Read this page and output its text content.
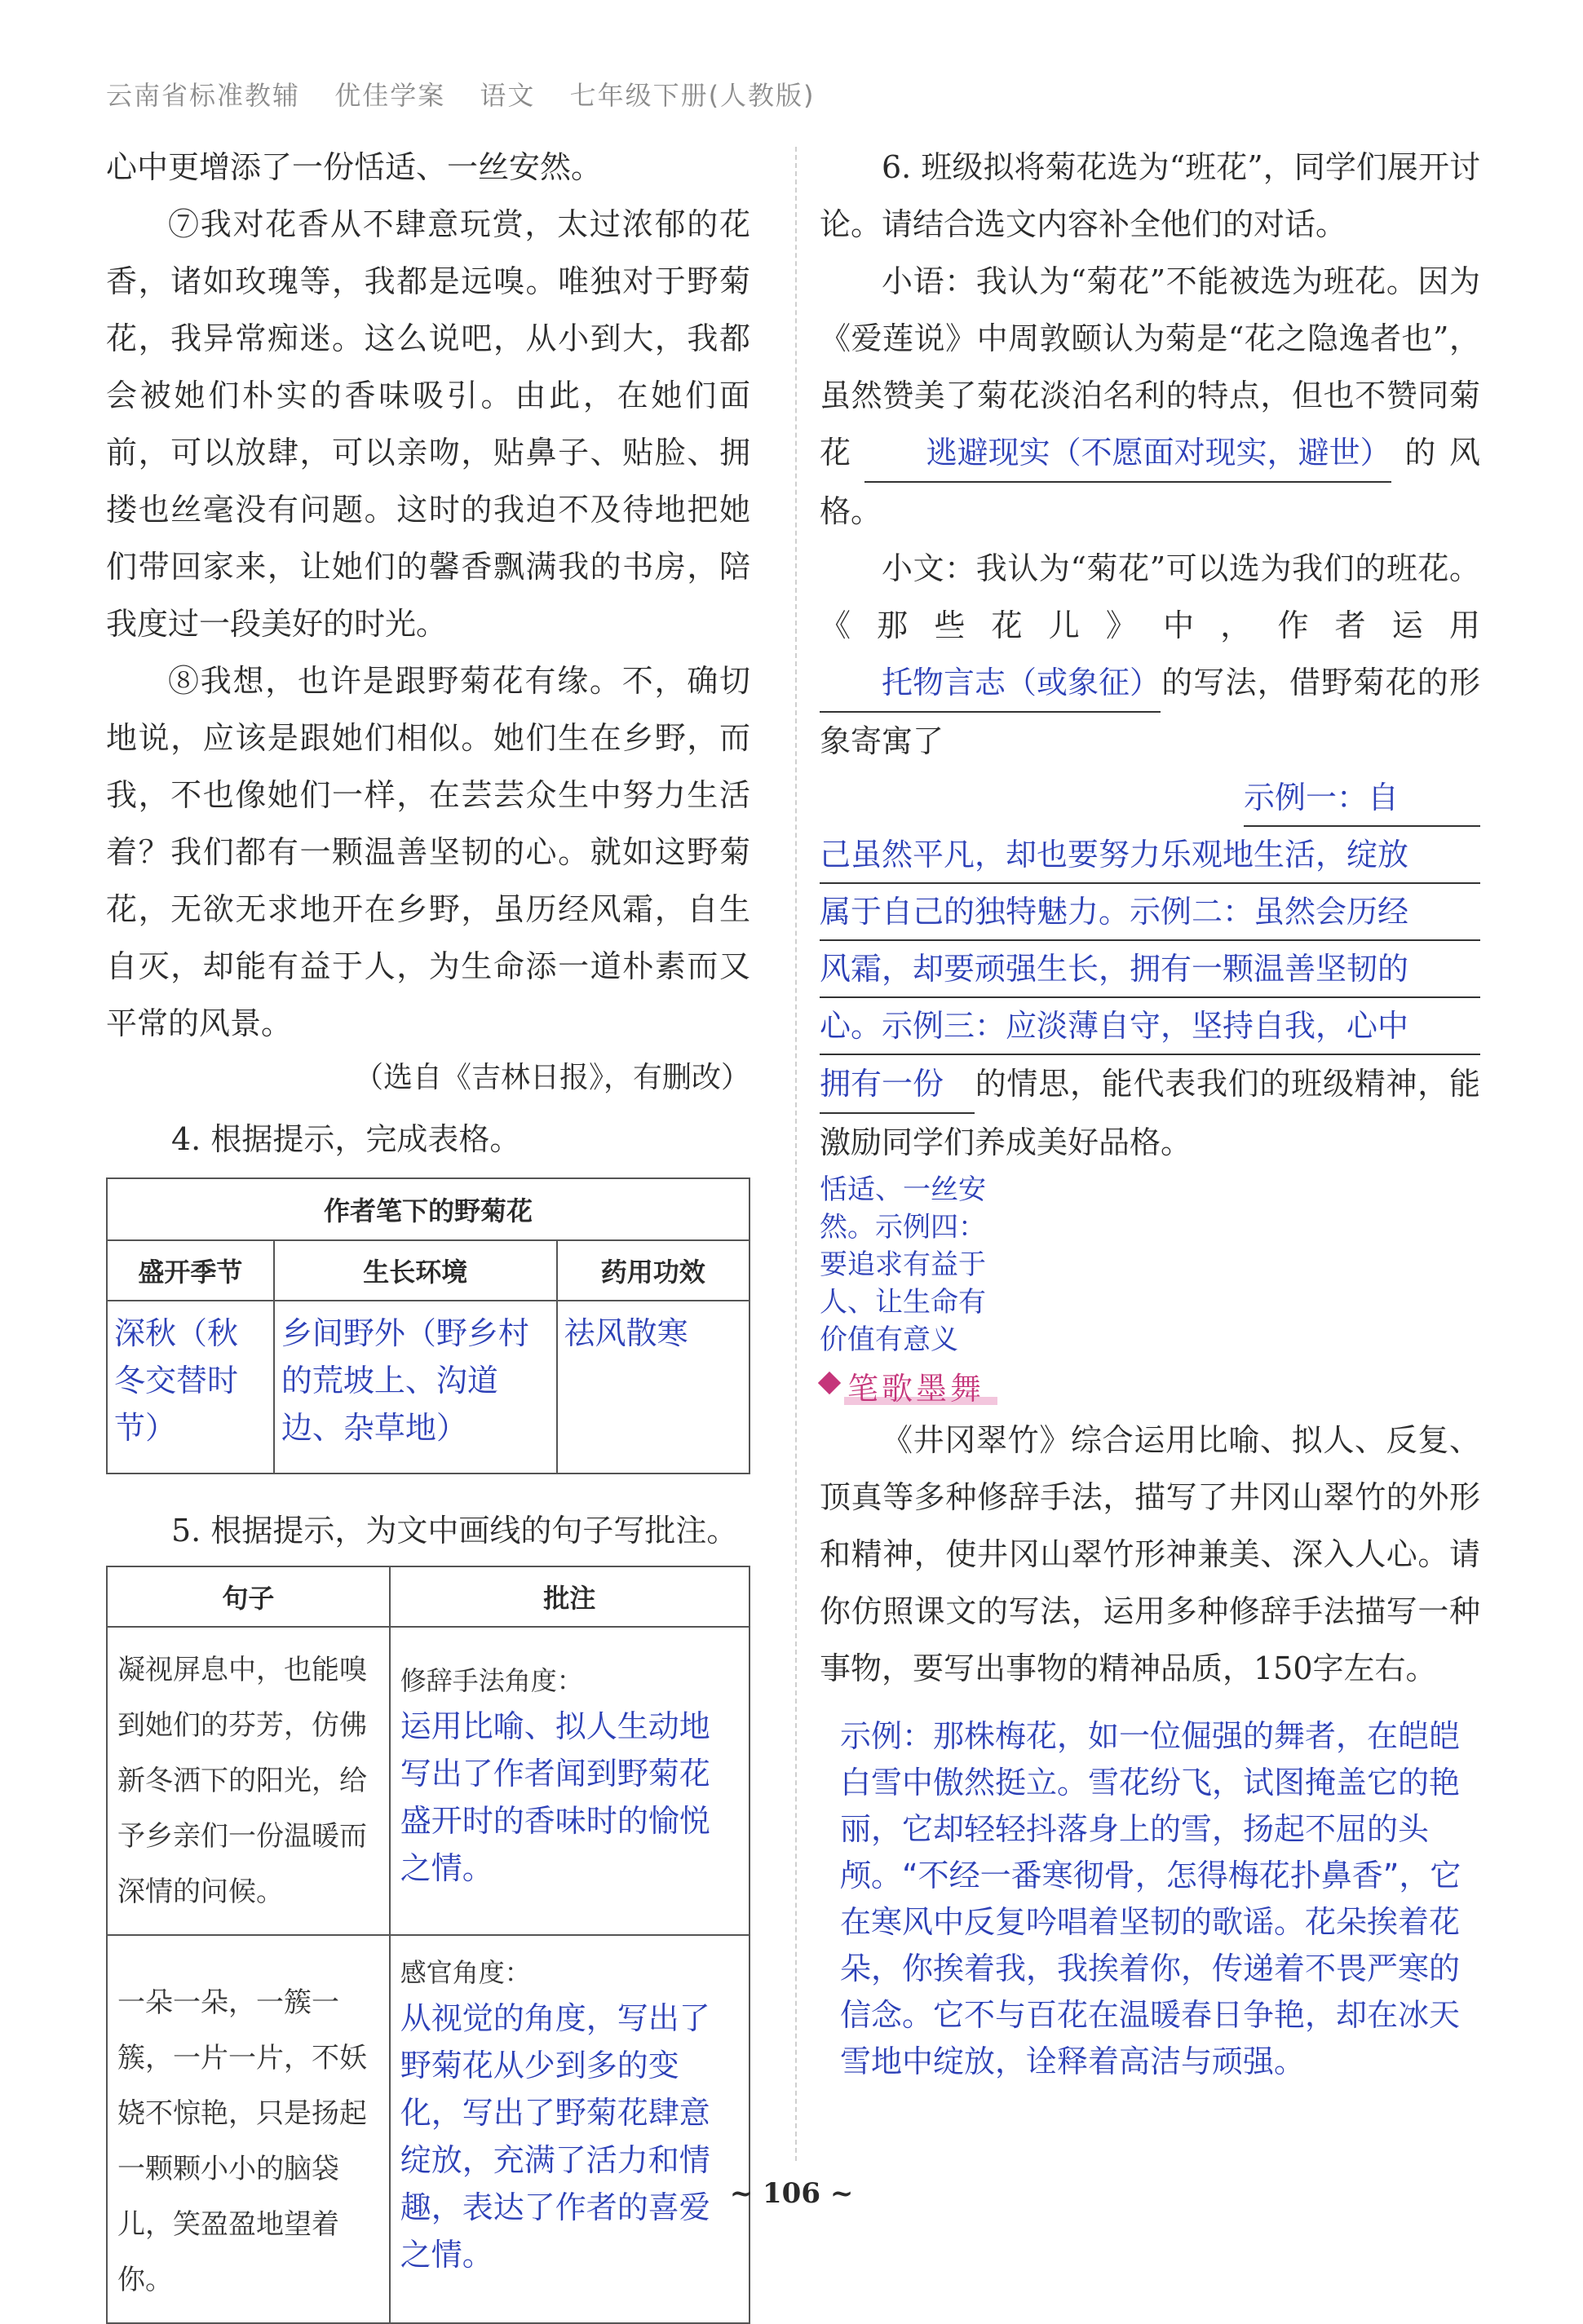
云南省标准教辅 优佳学案 语文 七年级下册(人教版)

心中更增添了一份恬适、一丝安然。

⑦我对花香从不肆意玩赏，太过浓郁的花香，诸如玫瑰等，我都是远嗅。唯独对于野菊花，我异常痴迷。这么说吧，从小到大，我都会被她们朴实的香味吸引。由此，在她们面前，可以放肆，可以亲吻，贴鼻子、贴脸、拥搂也丝毫没有问题。这时的我迫不及待地把她们带回家来，让她们的馨香飘满我的书房，陪我度过一段美好的时光。

⑧我想，也许是跟野菊花有缘。不，确切地说，应该是跟她们相似。她们生在乡野，而我，不也像她们一样，在芸芸众生中努力生活着？我们都有一颗温善坚韧的心。就如这野菊花，无欲无求地开在乡野，虽历经风霜，自生自灭，却能有益于人，为生命添一道朴素而又平常的风景。

（选自《吉林日报》，有删改）

4. 根据提示，完成表格。

作者笔下的野菊花		
盛开季节	生长环境	药用功效
深秋（秋冬交替时节）	乡间野外（野乡村的荒坡上、沟道边、杂草地）	祛风散寒

5. 根据提示，为文中画线的句子写批注。

句子	批注

凝视屏息中，也能嗅到她们的芬芳，仿佛新冬洒下的阳光，给予乡亲们一份温暖而深情的问候。	修辞手法角度：
运用比喻、拟人生动地写出了作者闻到野菊花盛开时的香味时的愉悦之情。

一朵一朵，一簇一簇，一片一片，不妖娆不惊艳，只是扬起一颗颗小小的脑袋儿，笑盈盈地望着你。	感官角度：
从视觉的角度，写出了野菊花从少到多的变化，写出了野菊花肆意绽放，充满了活力和情趣，表达了作者的喜爱之情。

6. 班级拟将菊花选为“班花”，同学们展开讨论。请结合选文内容补全他们的对话。

小语：我认为“菊花”不能被选为班花。因为《爱莲说》中周敦颐认为菊是“花之隐逸者也”，虽然赞美了菊花淡泊名利的特点，但也不赞同菊花 逃避现实（不愿面对现实，避世）的风格。

小文：我认为“菊花”可以选为我们的班花。《那些花儿》中，作者运用托物言志（或象征）的写法，借野菊花的形象寄寓了

示例一：自
己虽然平凡，却也要努力乐观地生活，绽放
属于自己的独特魅力。示例二：虽然会历经
风霜，却要顽强生长，拥有一颗温善坚韧的
心。示例三：应淡薄自守，坚持自我，心中

拥有一份 的情思，能代表我们的班级精神，能激励同学们养成美好品格。

恬适、一丝安然。示例四：要追求有益于人、让生命有价值有意义
笔歌墨舞

《井冈翠竹》综合运用比喻、拟人、反复、顶真等多种修辞手法，描写了井冈山翠竹的外形和精神，使井冈山翠竹形神兼美、深入人心。请你仿照课文的写法，运用多种修辞手法描写一种事物，要写出事物的精神品质，150字左右。

示例：那株梅花，如一位倔强的舞者，在皑皑白雪中傲然挺立。雪花纷飞，试图掩盖它的艳丽，它却轻轻抖落身上的雪，扬起不屈的头颅。“不经一番寒彻骨，怎得梅花扑鼻香”，它在寒风中反复吟唱着坚韧的歌谣。花朵挨着花朵，你挨着我，我挨着你，传递着不畏严寒的信念。它不与百花在温暖春日争艳，却在冰天雪地中绽放，诠释着高洁与顽强。
~ 106 ~
